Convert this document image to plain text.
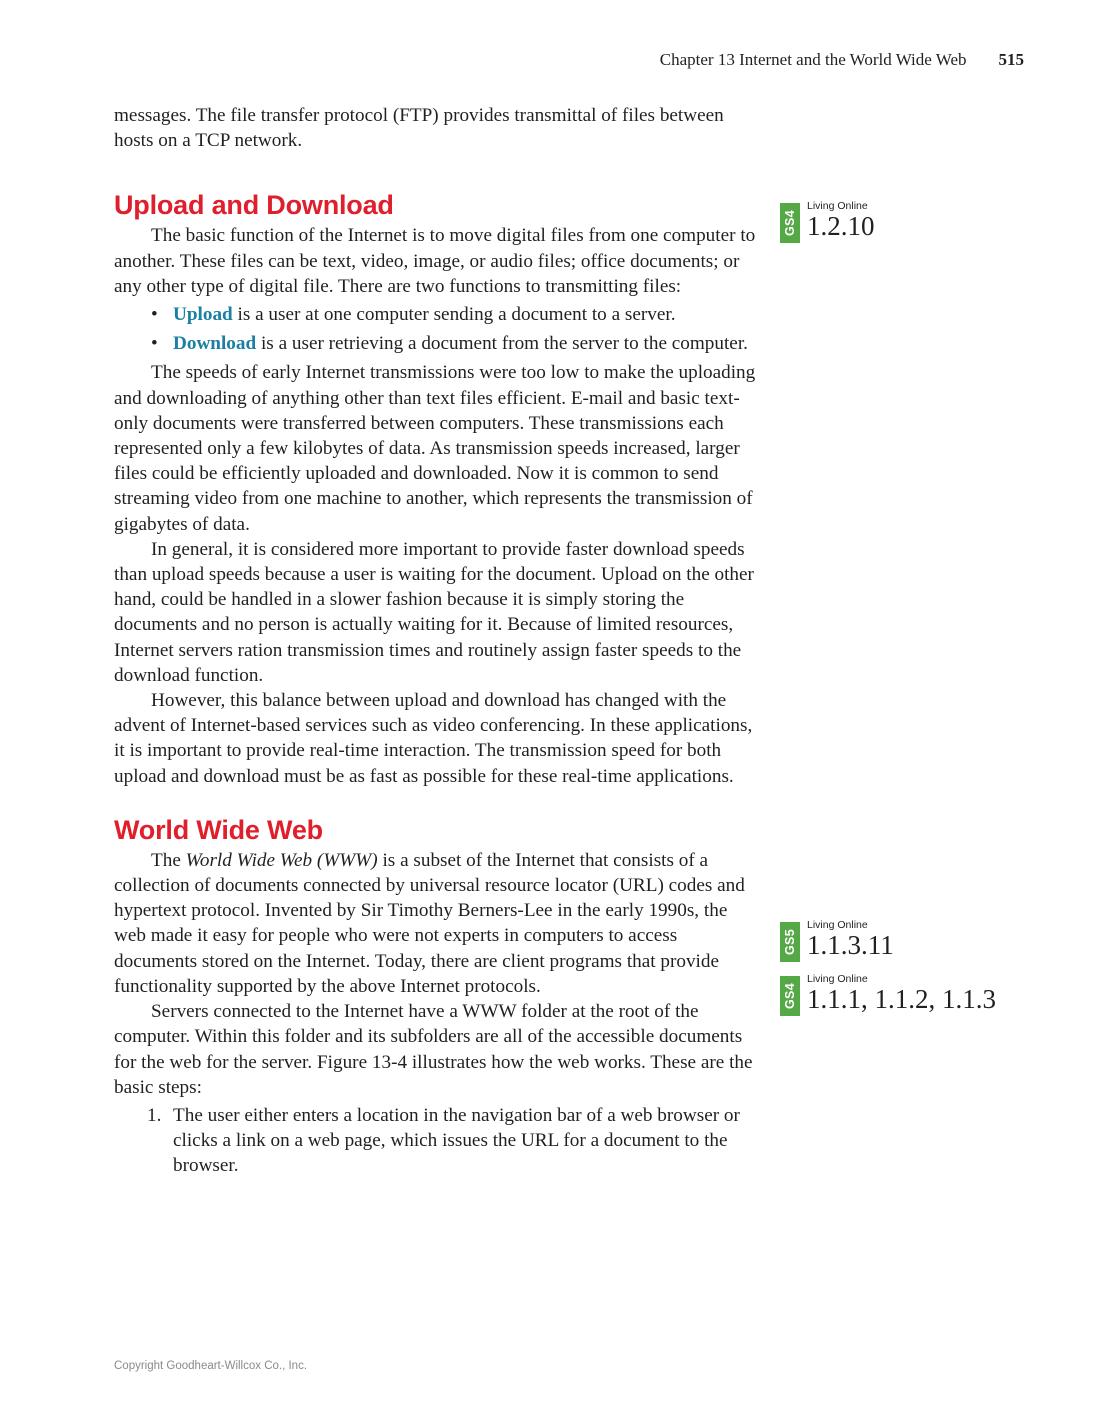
Chapter 13 Internet and the World Wide Web 515

messages. The file transfer protocol (FTP) provides transmittal of files between hosts on a TCP network.

Upload and Download

The basic function of the Internet is to move digital files from one computer to another. These files can be text, video, image, or audio files; office documents; or any other type of digital file. There are two functions to transmitting files:

• Upload is a user at one computer sending a document to a server.
• Download is a user retrieving a document from the server to the computer.

The speeds of early Internet transmissions were too low to make the uploading and downloading of anything other than text files efficient. E-mail and basic text-only documents were transferred between computers. These transmissions each represented only a few kilobytes of data. As transmission speeds increased, larger files could be efficiently uploaded and downloaded. Now it is common to send streaming video from one machine to another, which represents the transmission of gigabytes of data.

In general, it is considered more important to provide faster download speeds than upload speeds because a user is waiting for the document. Upload on the other hand, could be handled in a slower fashion because it is simply storing the documents and no person is actually waiting for it. Because of limited resources, Internet servers ration transmission times and routinely assign faster speeds to the download function.

However, this balance between upload and download has changed with the advent of Internet-based services such as video conferencing. In these applications, it is important to provide real-time interaction. The transmission speed for both upload and download must be as fast as possible for these real-time applications.

World Wide Web

The World Wide Web (WWW) is a subset of the Internet that consists of a collection of documents connected by universal resource locator (URL) codes and hypertext protocol. Invented by Sir Timothy Berners-Lee in the early 1990s, the web made it easy for people who were not experts in computers to access documents stored on the Internet. Today, there are client programs that provide functionality supported by the above Internet protocols.

Servers connected to the Internet have a WWW folder at the root of the computer. Within this folder and its subfolders are all of the accessible documents for the web for the server. Figure 13-4 illustrates how the web works. These are the basic steps:

1. The user either enters a location in the navigation bar of a web browser or clicks a link on a web page, which issues the URL for a document to the browser.
GS4
Living Online
1.2.10
GS5
Living Online
1.1.3.11
GS4
Living Online
1.1.1, 1.1.2, 1.1.3
Copyright Goodheart-Willcox Co., Inc.
